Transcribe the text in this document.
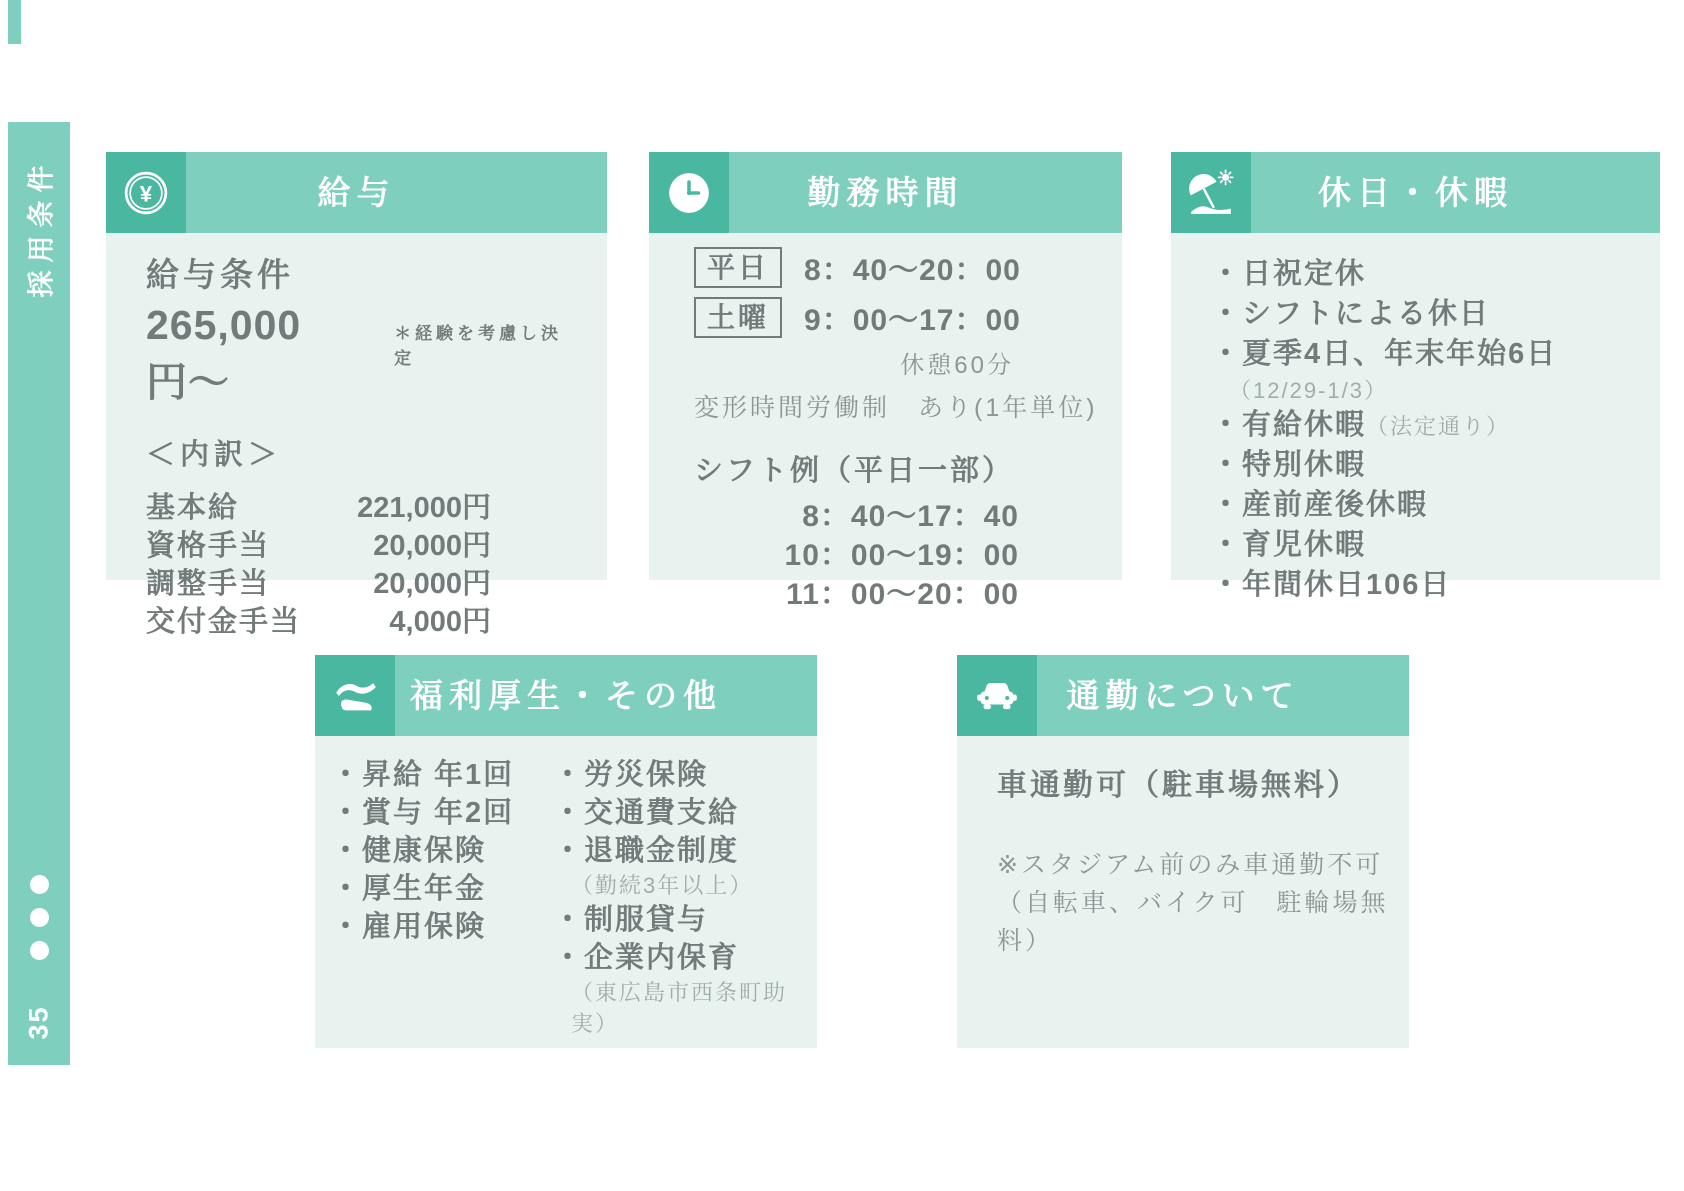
採用条件
35
¥	給与
給与条件
265,000円〜
＊経験を考慮し決定
＜内訳＞
基本給	221,000円
資格手当	20,000円
調整手当	20,000円
交付金手当	4,000円
勤務時間
平日	8：40〜20：00
土曜	9：00〜17：00
休憩60分
変形時間労働制　あり(1年単位)
シフト例（平日一部）
8：40〜17：40
10：00〜19：00
11：00〜20：00
休日・休暇
・日祝定休
・シフトによる休日
・夏季4日、年末年始6日
（12/29-1/3）
・有給休暇（法定通り）
・特別休暇
・産前産後休暇
・育児休暇
・年間休日106日
福利厚生・その他
・昇給 年1回
・賞与 年2回
・健康保険
・厚生年金
・雇用保険
・労災保険
・交通費支給
・退職金制度
（勤続3年以上）
・制服貸与
・企業内保育
（東広島市西条町助実）
通勤について
車通勤可（駐車場無料）
※スタジアム前のみ車通勤不可
（自転車、バイク可　駐輪場無料）
